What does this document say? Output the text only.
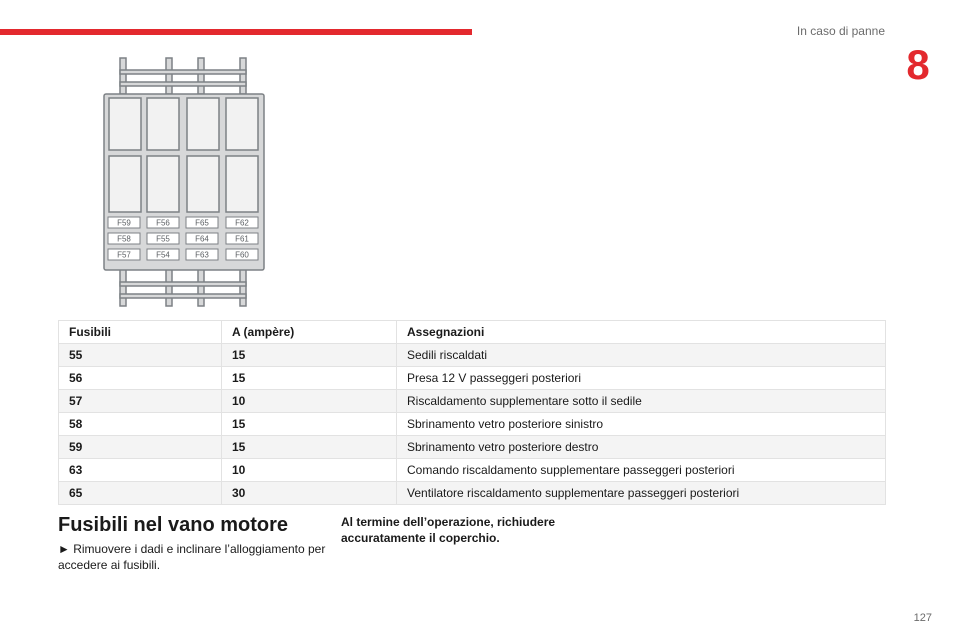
In caso di panne
8
F59	F56	F65	F62
F58	F55	F64	F61
F57	F54	F63	F60
Fusibili	A (ampère)	Assegnazioni
55	15	Sedili riscaldati
56	15	Presa 12 V passeggeri posteriori
57	10	Riscaldamento supplementare sotto il sedile
58	15	Sbrinamento vetro posteriore sinistro
59	15	Sbrinamento vetro posteriore destro
63	10	Comando riscaldamento supplementare passeggeri posteriori
65	30	Ventilatore riscaldamento supplementare passeggeri posteriori
Fusibili nel vano motore
► Rimuovere i dadi e inclinare l’alloggiamento per accedere ai fusibili.
Al termine dell’operazione, richiudere accuratamente il coperchio.
127
